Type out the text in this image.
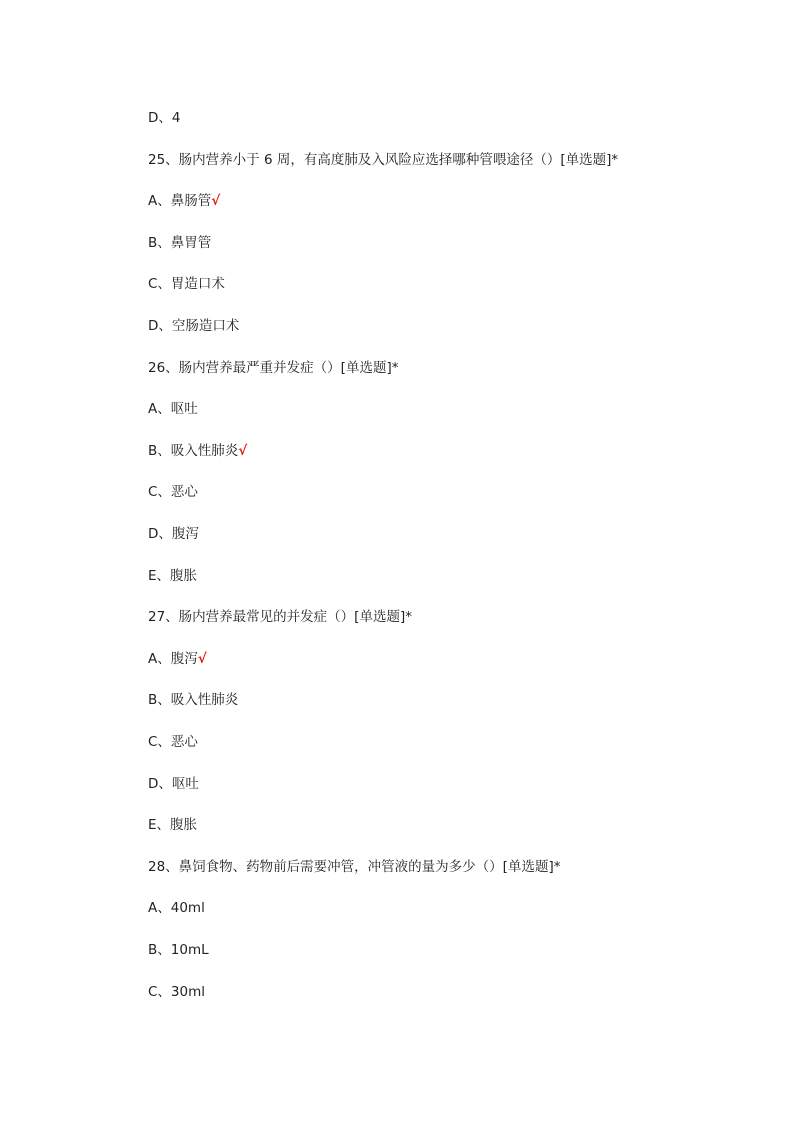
D、4
25、肠内营养小于 6 周，有高度肺及入风险应选择哪种管喂途径（）[单选题]*
A、鼻肠管√
B、鼻胃管
C、胃造口术
D、空肠造口术
26、肠内营养最严重并发症（）[单选题]*
A、呕吐
B、吸入性肺炎√
C、恶心
D、腹泻
E、腹胀
27、肠内营养最常见的并发症（）[单选题]*
A、腹泻√
B、吸入性肺炎
C、恶心
D、呕吐
E、腹胀
28、鼻饲食物、药物前后需要冲管，冲管液的量为多少（）[单选题]*
A、40ml
B、10mL
C、30ml
